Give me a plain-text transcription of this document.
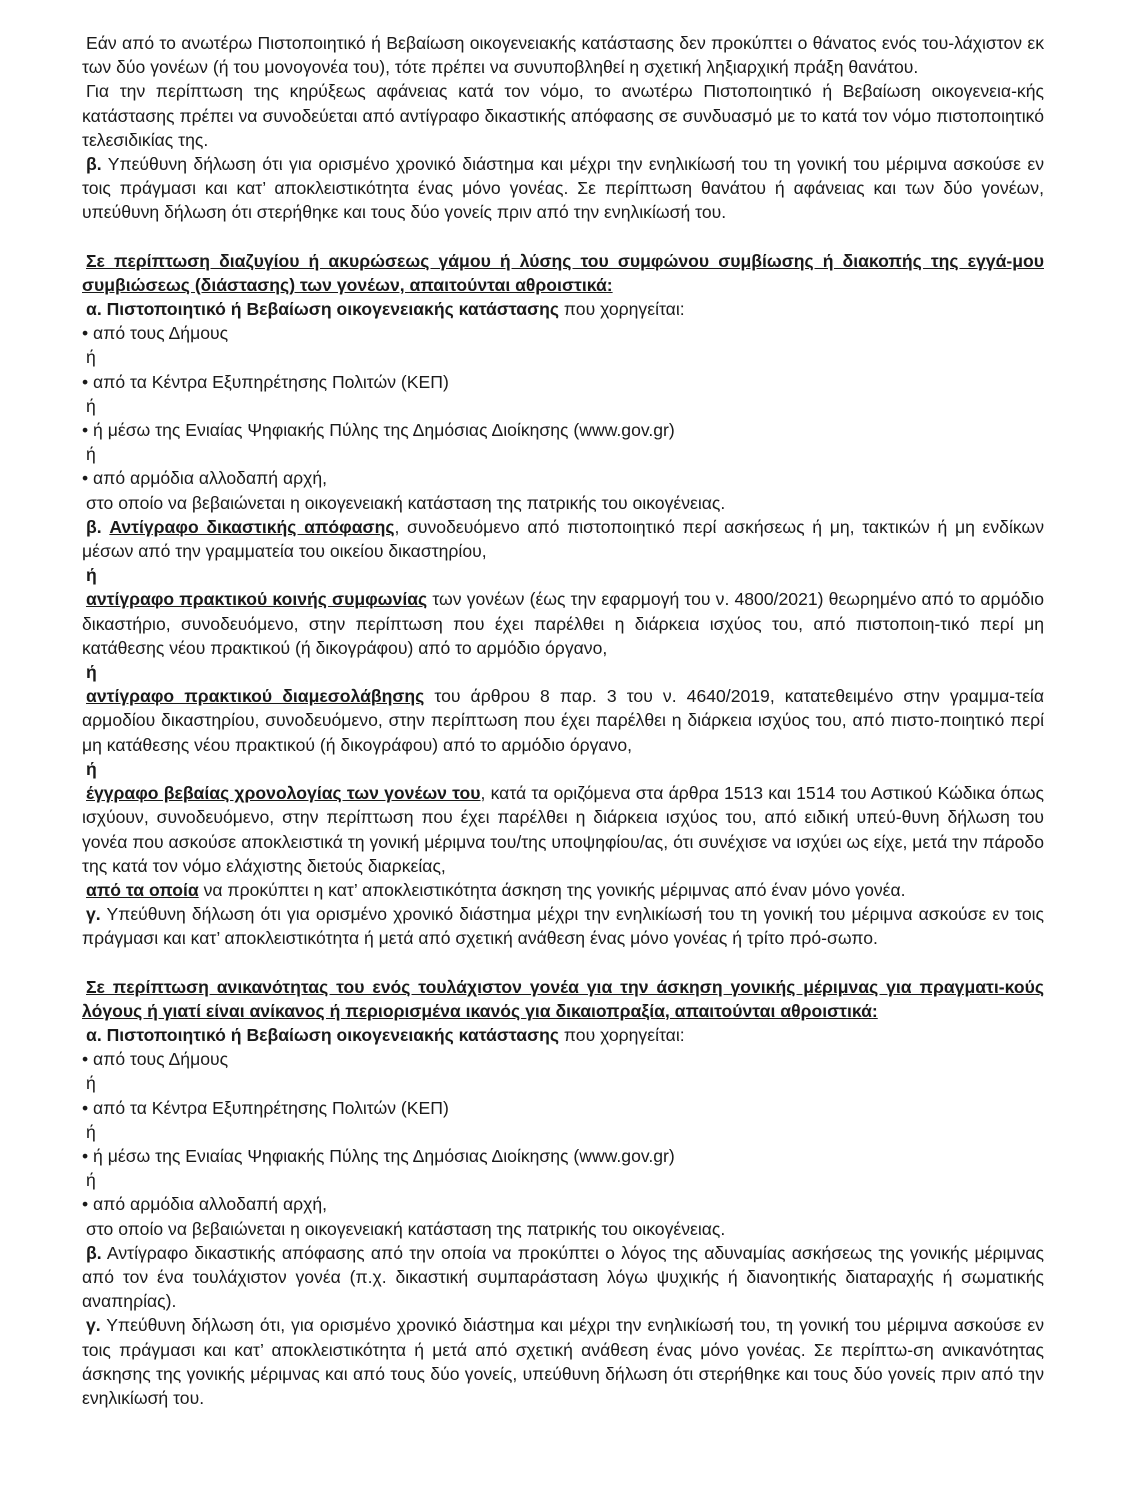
Εάν από το ανωτέρω Πιστοποιητικό ή Βεβαίωση οικογενειακής κατάστασης δεν προκύπτει ο θάνατος ενός του-λάχιστον εκ των δύο γονέων (ή του μονογονέα του), τότε πρέπει να συνυποβληθεί η σχετική ληξιαρχική πράξη θανάτου.

Για την περίπτωση της κηρύξεως αφάνειας κατά τον νόμο, το ανωτέρω Πιστοποιητικό ή Βεβαίωση οικογενεια-κής κατάστασης πρέπει να συνοδεύεται από αντίγραφο δικαστικής απόφασης σε συνδυασμό με το κατά τον νόμο πιστοποιητικό τελεσιδικίας της.

β. Υπεύθυνη δήλωση ότι για ορισμένο χρονικό διάστημα και μέχρι την ενηλικίωσή του τη γονική του μέριμνα ασκούσε εν τοις πράγμασι και κατ’ αποκλειστικότητα ένας μόνο γονέας. Σε περίπτωση θανάτου ή αφάνειας και των δύο γονέων, υπεύθυνη δήλωση ότι στερήθηκε και τους δύο γονείς πριν από την ενηλικίωσή του.

Σε περίπτωση διαζυγίου ή ακυρώσεως γάμου ή λύσης του συμφώνου συμβίωσης ή διακοπής της εγγά-μου συμβιώσεως (διάστασης) των γονέων, απαιτούνται αθροιστικά:

α. Πιστοποιητικό ή Βεβαίωση οικογενειακής κατάστασης που χορηγείται:

• από τους Δήμους

ή

• από τα Κέντρα Εξυπηρέτησης Πολιτών (ΚΕΠ)

ή

• ή μέσω της Ενιαίας Ψηφιακής Πύλης της Δημόσιας Διοίκησης (www.gov.gr)

ή

• από αρμόδια αλλοδαπή αρχή,

στο οποίο να βεβαιώνεται η οικογενειακή κατάσταση της πατρικής του οικογένειας.

β. Αντίγραφο δικαστικής απόφασης, συνοδευόμενο από πιστοποιητικό περί ασκήσεως ή μη, τακτικών ή μη ενδίκων μέσων από την γραμματεία του οικείου δικαστηρίου,

ή

αντίγραφο πρακτικού κοινής συμφωνίας των γονέων (έως την εφαρμογή του ν. 4800/2021) θεωρημένο από το αρμόδιο δικαστήριο, συνοδευόμενο, στην περίπτωση που έχει παρέλθει η διάρκεια ισχύος του, από πιστοποιη-τικό περί μη κατάθεσης νέου πρακτικού (ή δικογράφου) από το αρμόδιο όργανο,

ή

αντίγραφο πρακτικού διαμεσολάβησης του άρθρου 8 παρ. 3 του ν. 4640/2019, κατατεθειμένο στην γραμμα-τεία αρμοδίου δικαστηρίου, συνοδευόμενο, στην περίπτωση που έχει παρέλθει η διάρκεια ισχύος του, από πιστο-ποιητικό περί μη κατάθεσης νέου πρακτικού (ή δικογράφου) από το αρμόδιο όργανο,

ή

έγγραφο βεβαίας χρονολογίας των γονέων του, κατά τα οριζόμενα στα άρθρα 1513 και 1514 του Αστικού Κώδικα όπως ισχύουν, συνοδευόμενο, στην περίπτωση που έχει παρέλθει η διάρκεια ισχύος του, από ειδική υπεύ-θυνη δήλωση του γονέα που ασκούσε αποκλειστικά τη γονική μέριμνα του/της υποψηφίου/ας, ότι συνέχισε να ισχύει ως είχε, μετά την πάροδο της κατά τον νόμο ελάχιστης διετούς διαρκείας,

από τα οποία να προκύπτει η κατ’ αποκλειστικότητα άσκηση της γονικής μέριμνας από έναν μόνο γονέα.

γ. Υπεύθυνη δήλωση ότι για ορισμένο χρονικό διάστημα μέχρι την ενηλικίωσή του τη γονική του μέριμνα ασκούσε εν τοις πράγμασι και κατ’ αποκλειστικότητα ή μετά από σχετική ανάθεση ένας μόνο γονέας ή τρίτο πρό-σωπο.

Σε περίπτωση ανικανότητας του ενός τουλάχιστον γονέα για την άσκηση γονικής μέριμνας για πραγματι-κούς λόγους ή γιατί είναι ανίκανος ή περιορισμένα ικανός για δικαιοπραξία, απαιτούνται αθροιστικά:

α. Πιστοποιητικό ή Βεβαίωση οικογενειακής κατάστασης που χορηγείται:

• από τους Δήμους

ή

• από τα Κέντρα Εξυπηρέτησης Πολιτών (ΚΕΠ)

ή

• ή μέσω της Ενιαίας Ψηφιακής Πύλης της Δημόσιας Διοίκησης (www.gov.gr)

ή

• από αρμόδια αλλοδαπή αρχή,

στο οποίο να βεβαιώνεται η οικογενειακή κατάσταση της πατρικής του οικογένειας.

β. Αντίγραφο δικαστικής απόφασης από την οποία να προκύπτει ο λόγος της αδυναμίας ασκήσεως της γονικής μέριμνας από τον ένα τουλάχιστον γονέα (π.χ. δικαστική συμπαράσταση λόγω ψυχικής ή διανοητικής διαταραχής ή σωματικής αναπηρίας).

γ. Υπεύθυνη δήλωση ότι, για ορισμένο χρονικό διάστημα και μέχρι την ενηλικίωσή του, τη γονική του μέριμνα ασκούσε εν τοις πράγμασι και κατ’ αποκλειστικότητα ή μετά από σχετική ανάθεση ένας μόνο γονέας. Σε περίπτω-ση ανικανότητας άσκησης της γονικής μέριμνας και από τους δύο γονείς, υπεύθυνη δήλωση ότι στερήθηκε και τους δύο γονείς πριν από την ενηλικίωσή του.
